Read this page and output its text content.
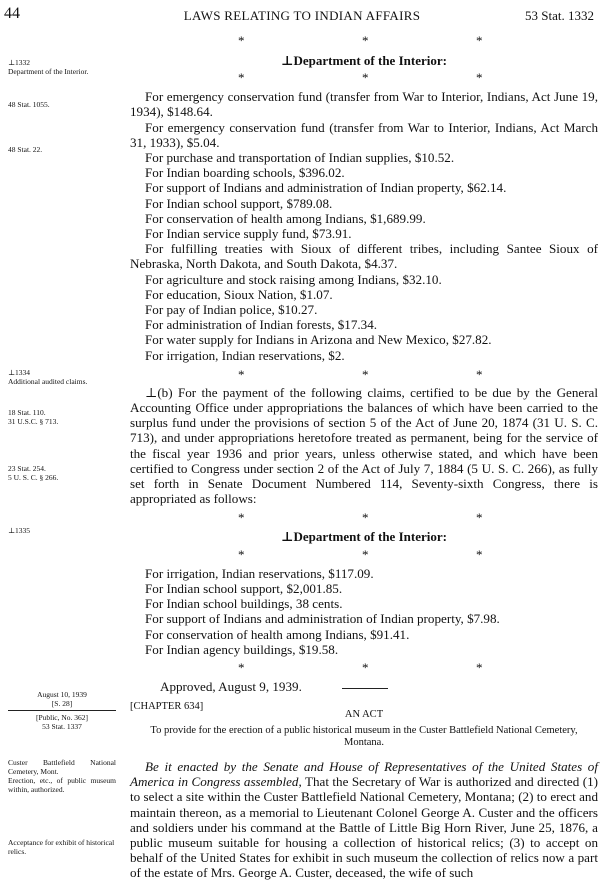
44	LAWS RELATING TO INDIAN AFFAIRS	53 Stat. 1332
⊥1332
Department of the Interior.
48 Stat. 1055.
48 Stat. 22.
⊥1334
Additional audited claims.
18 Stat. 110.
31 U.S.C. § 713.
23 Stat. 254.
5 U. S. C. § 266.
⊥1335
August 10, 1939
[S. 28]
[Public, No. 362]
53 Stat. 1337
Custer Battlefield National Cemetery, Mont.
Erection, etc., of public museum within, authorized.
Acceptance for exhibit of historical relics.
*	*	*

⊥Department of the Interior:

*	*	*

For emergency conservation fund (transfer from War to Interior, Indians, Act June 19, 1934), $148.64.

For emergency conservation fund (transfer from War to Interior, Indians, Act March 31, 1933), $5.04.

For purchase and transportation of Indian supplies, $10.52.

For Indian boarding schools, $396.02.

For support of Indians and administration of Indian property, $62.14.

For Indian school support, $789.08.

For conservation of health among Indians, $1,689.99.

For Indian service supply fund, $73.91.

For fulfilling treaties with Sioux of different tribes, including Santee Sioux of Nebraska, North Dakota, and South Dakota, $4.37.

For agriculture and stock raising among Indians, $32.10.

For education, Sioux Nation, $1.07.

For pay of Indian police, $10.27.

For administration of Indian forests, $17.34.

For water supply for Indians in Arizona and New Mexico, $27.82.

For irrigation, Indian reservations, $2.

*	*	*

⊥(b) For the payment of the following claims, certified to be due by the General Accounting Office under appropriations the balances of which have been carried to the surplus fund under the provisions of section 5 of the Act of June 20, 1874 (31 U. S. C. 713), and under appropriations heretofore treated as permanent, being for the service of the fiscal year 1936 and prior years, unless otherwise stated, and which have been certified to Congress under section 2 of the Act of July 7, 1884 (5 U. S. C. 266), as fully set forth in Senate Document Numbered 114, Seventy-sixth Congress, there is appropriated as follows:

*	*	*

⊥Department of the Interior:

*	*	*

For irrigation, Indian reservations, $117.09.

For Indian school support, $2,001.85.

For Indian school buildings, 38 cents.

For support of Indians and administration of Indian property, $7.98.

For conservation of health among Indians, $91.41.

For Indian agency buildings, $19.58.

*	*	*
Approved, August 9, 1939.
[CHAPTER 634]
AN ACT

To provide for the erection of a public historical museum in the Custer Battlefield National Cemetery, Montana.

Be it enacted by the Senate and House of Representatives of the United States of America in Congress assembled, That the Secretary of War is authorized and directed (1) to select a site within the Custer Battlefield National Cemetery, Montana; (2) to erect and maintain thereon, as a memorial to Lieutenant Colonel George A. Custer and the officers and soldiers under his command at the Battle of Little Big Horn River, June 25, 1876, a public museum suitable for housing a collection of historical relics; (3) to accept on behalf of the United States for exhibit in such museum the collection of relics now a part of the estate of Mrs. George A. Custer, deceased, the wife of such
